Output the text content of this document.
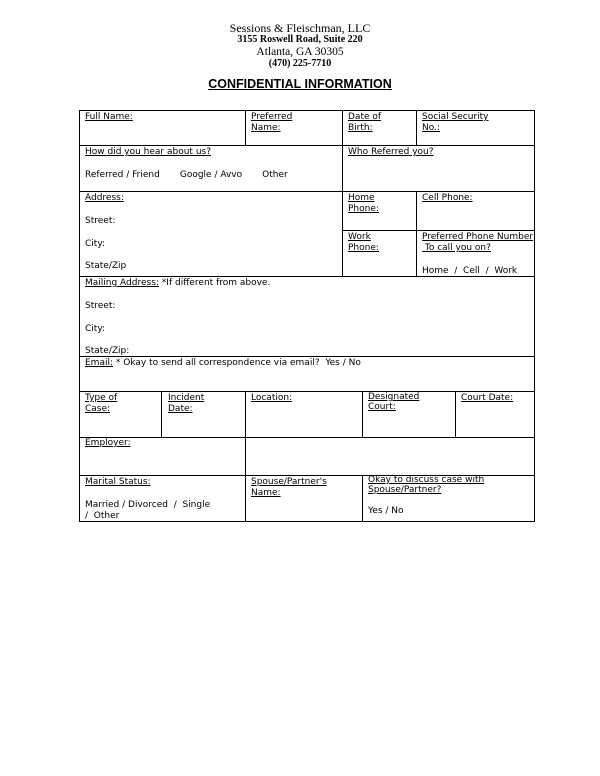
Sessions & Fleischman, LLC
3155 Roswell Road, Suite 220
Atlanta, GA 30305
(470) 225-7710
CONFIDENTIAL INFORMATION
Full Name:	Preferred
Name:
Date of
Birth:
Social Security
No.:
How did you hear about us?
Referred / Friend       Google / Avvo       Other
Who Referred you?
Address:
Street:
City:
State/Zip
Home
Phone:
Cell Phone:
Work
Phone:
Preferred Phone Number
To call you on?
Home  /  Cell  /  Work
Mailing Address: *If different from above.
Street:
City:
State/Zip:
Email: * Okay to send all correspondence via email?  Yes / No
Type of
Case:
Incident
Date:
Location:	Designated
Court:
Court Date:
Employer:
Marital Status:
Married / Divorced  /  Single
/  Other
Spouse/Partner's
Name:
Okay to discuss case with
Spouse/Partner?
Yes / No
